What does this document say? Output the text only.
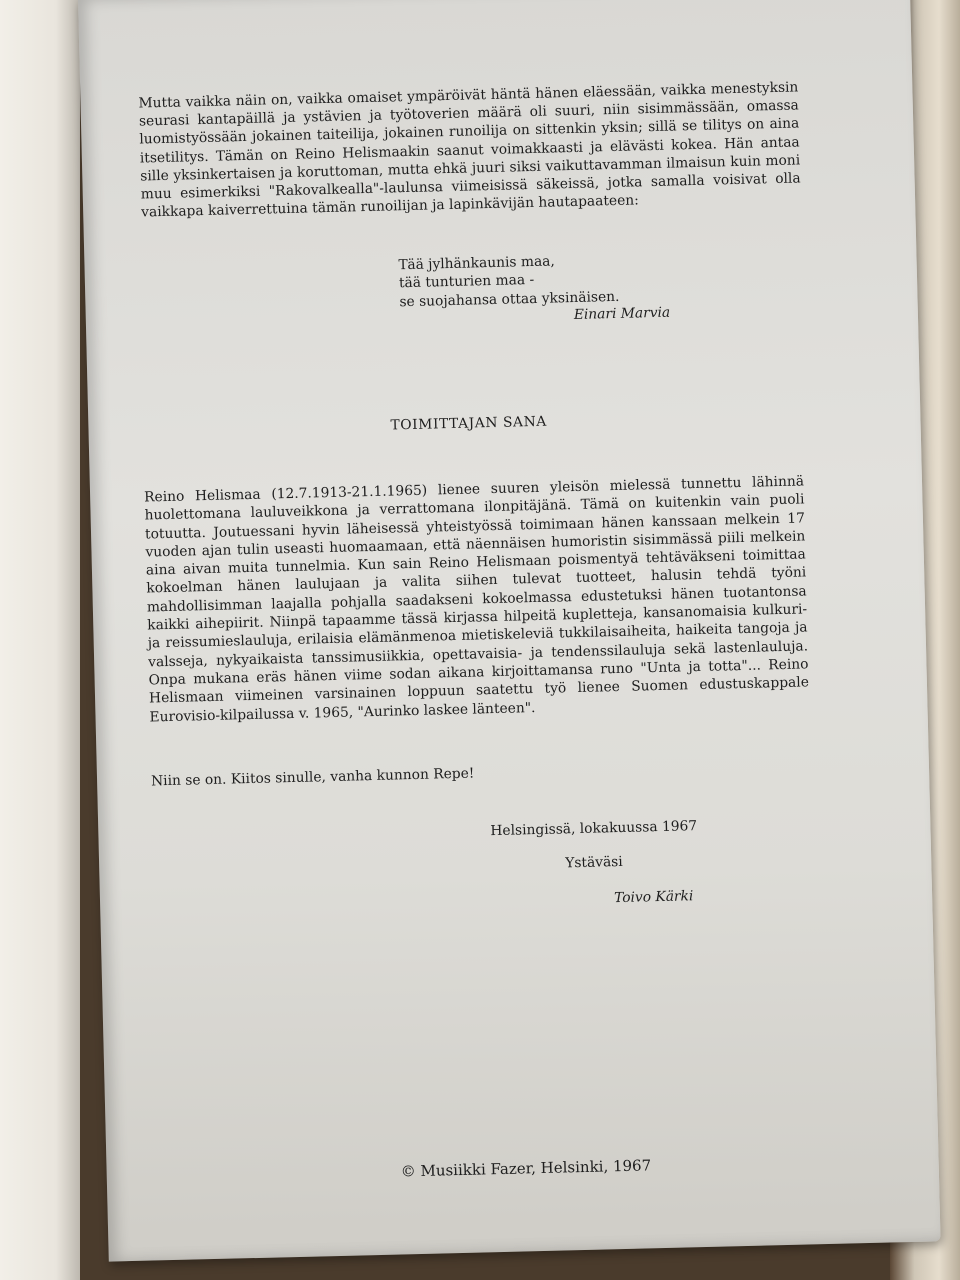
Mutta vaikka näin on, vaikka omaiset ympäröivät häntä hänen eläessään, vaikka menestyksin seurasi kantapäillä ja ystävien ja työtoverien määrä oli suuri, niin sisimmässään, omassa luomistyössään jokainen taiteilija, jokainen runoilija on sittenkin yksin; sillä se tilitys on aina itsetilitys. Tämän on Reino Helismaakin saanut voimakkaasti ja elävästi kokea. Hän antaa sille yksinkertaisen ja koruttoman, mutta ehkä juuri siksi vaikuttavamman ilmaisun kuin moni muu esimerkiksi "Rakovalkealla"-laulunsa viimeisissä säkeissä, jotka samalla voisivat olla vaikkapa kaiverrettuina tämän runoilijan ja lapinkävijän hautapaateen:
Tää jylhänkaunis maa,
tää tunturien maa -
se suojahansa ottaa yksinäisen.
Einari Marvia
TOIMITTAJAN SANA
Reino Helismaa (12.7.1913-21.1.1965) lienee suuren yleisön mielessä tunnettu lähinnä huolettomana lauluveikkona ja verrattomana ilonpitäjänä. Tämä on kuitenkin vain puoli totuutta. Joutuessani hyvin läheisessä yhteistyössä toimimaan hänen kanssaan melkein 17 vuoden ajan tulin useasti huomaamaan, että näennäisen humoristin sisimmässä piili melkein aina aivan muita tunnelmia. Kun sain Reino Helismaan poismentyä tehtäväkseni toimittaa kokoelman hänen laulujaan ja valita siihen tulevat tuotteet, halusin tehdä työni mahdollisimman laajalla pohjalla saadakseni kokoelmassa edustetuksi hänen tuotantonsa kaikki aihepiirit. Niinpä tapaamme tässä kirjassa hilpeitä kupletteja, kansanomaisia kulkuri- ja reissumieslauluja, erilaisia elämänmenoa mietiskeleviä tukkilaisaiheita, haikeita tangoja ja valsseja, nykyaikaista tanssimusiikkia, opettavaisia- ja tendenssilauluja sekä lastenlauluja. Onpa mukana eräs hänen viime sodan aikana kirjoittamansa runo "Unta ja totta"... Reino Helismaan viimeinen varsinainen loppuun saatettu työ lienee Suomen edustuskappale Eurovisio-kilpailussa v. 1965, "Aurinko laskee länteen".
Niin se on. Kiitos sinulle, vanha kunnon Repe!
Helsingissä, lokakuussa 1967
Ystäväsi
Toivo Kärki
© Musiikki Fazer, Helsinki, 1967
